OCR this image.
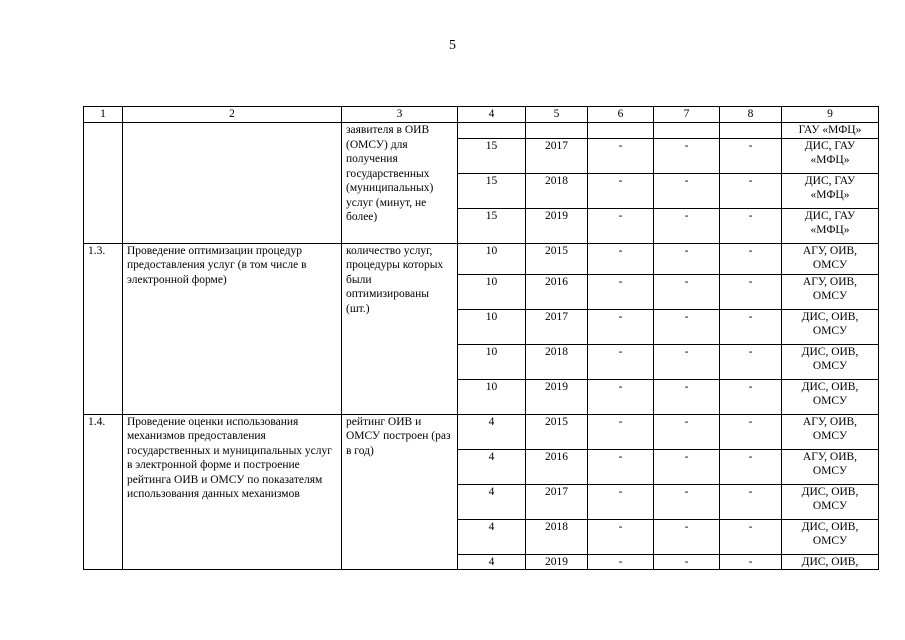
5
1	2	3	4	5	6	7	8	9
		заявителя в ОИВ (ОМСУ) для получения государственных (муниципальных) услуг (минут, не более)						ГАУ «МФЦ»
			15	2017	-	-	-	ДИС, ГАУ «МФЦ»
			15	2018	-	-	-	ДИС, ГАУ «МФЦ»
			15	2019	-	-	-	ДИС, ГАУ «МФЦ»
1.3.	Проведение оптимизации процедур предоставления услуг (в том числе в электронной форме)	количество услуг, процедуры которых были оптимизированы (шт.)	10	2015	-	-	-	АГУ, ОИВ, ОМСУ
			10	2016	-	-	-	АГУ, ОИВ, ОМСУ
			10	2017	-	-	-	ДИС, ОИВ, ОМСУ
			10	2018	-	-	-	ДИС, ОИВ, ОМСУ
			10	2019	-	-	-	ДИС, ОИВ, ОМСУ
1.4.	Проведение оценки использования механизмов предоставления государственных и муниципальных услуг в электронной форме и построение рейтинга ОИВ и ОМСУ по показателям использования данных механизмов	рейтинг ОИВ и ОМСУ построен (раз в год)	4	2015	-	-	-	АГУ, ОИВ, ОМСУ
			4	2016	-	-	-	АГУ, ОИВ, ОМСУ
			4	2017	-	-	-	ДИС, ОИВ, ОМСУ
			4	2018	-	-	-	ДИС, ОИВ, ОМСУ
			4	2019	-	-	-	ДИС, ОИВ,
